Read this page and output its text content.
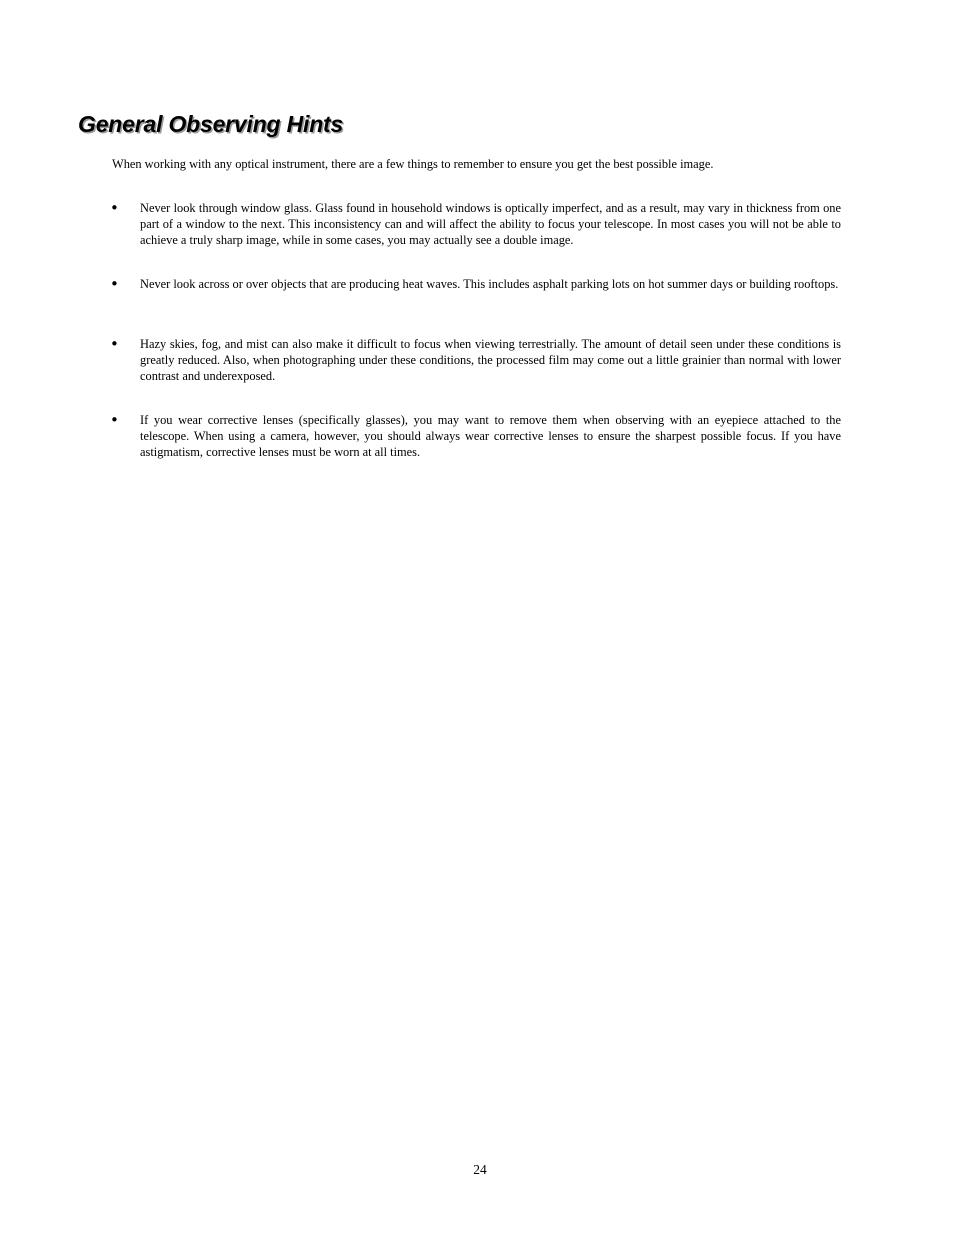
General Observing Hints

When working with any optical instrument, there are a few things to remember to ensure you get the best possible image.

• Never look through window glass. Glass found in household windows is optically imperfect, and as a result, may vary in thickness from one part of a window to the next. This inconsistency can and will affect the ability to focus your telescope. In most cases you will not be able to achieve a truly sharp image, while in some cases, you may actually see a double image.

• Never look across or over objects that are producing heat waves. This includes asphalt parking lots on hot summer days or building rooftops.

• Hazy skies, fog, and mist can also make it difficult to focus when viewing terrestrially. The amount of detail seen under these conditions is greatly reduced. Also, when photographing under these conditions, the processed film may come out a little grainier than normal with lower contrast and underexposed.

• If you wear corrective lenses (specifically glasses), you may want to remove them when observing with an eyepiece attached to the telescope. When using a camera, however, you should always wear corrective lenses to ensure the sharpest possible focus. If you have astigmatism, corrective lenses must be worn at all times.

24
